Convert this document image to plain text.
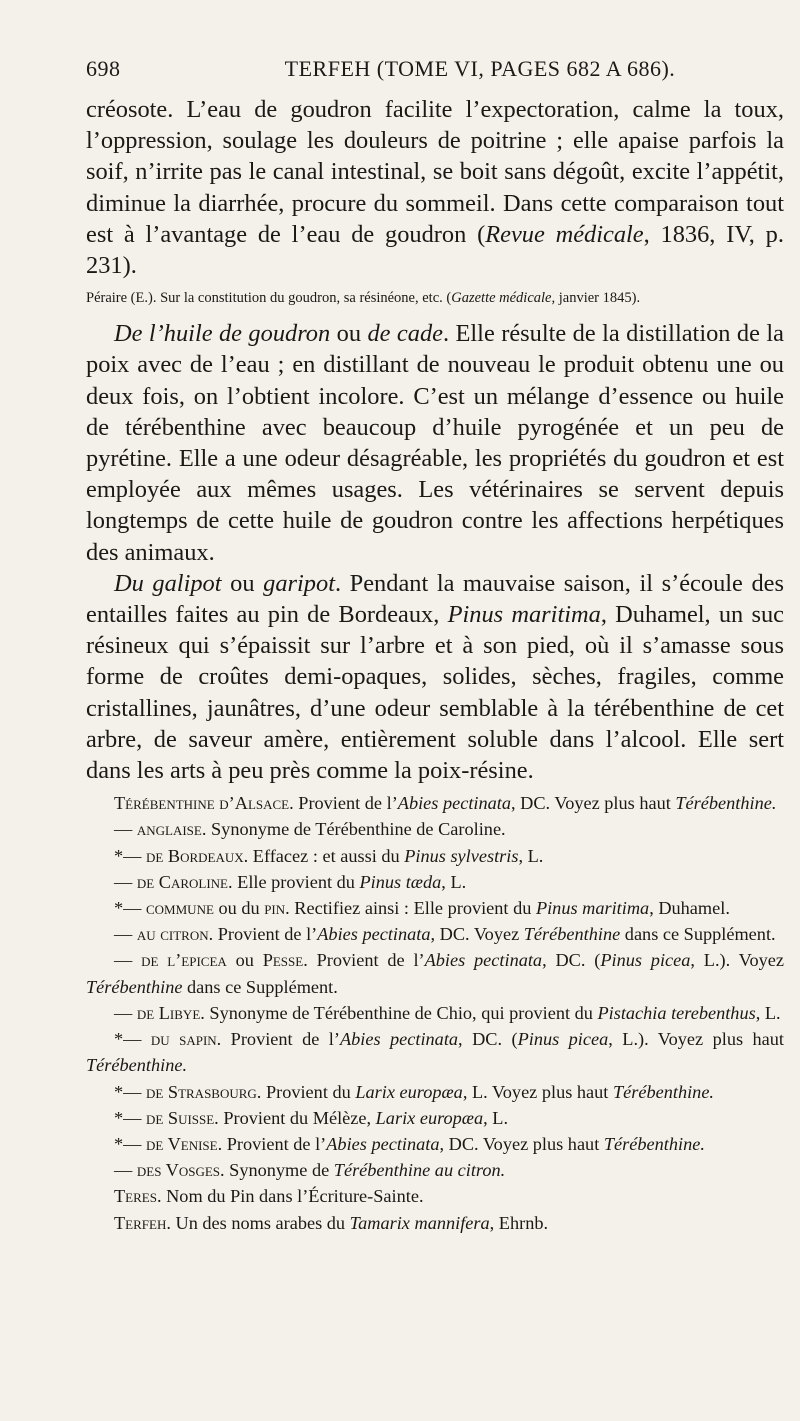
698	TERFEH (TOME VI, PAGES 682 A 686).

créosote. L’eau de goudron facilite l’expectoration, calme la toux, l’oppression, soulage les douleurs de poitrine ; elle apaise parfois la soif, n’irrite pas le canal intestinal, se boit sans dégoût, excite l’appétit, diminue la diarrhée, procure du sommeil. Dans cette comparaison tout est à l’avantage de l’eau de goudron (Revue médicale, 1836, IV, p. 231).

Péraire (E.). Sur la constitution du goudron, sa résinéone, etc. (Gazette médicale, janvier 1845).

De l’huile de goudron ou de cade. Elle résulte de la distillation de la poix avec de l’eau ; en distillant de nouveau le produit obtenu une ou deux fois, on l’obtient incolore. C’est un mélange d’essence ou huile de térébenthine avec beaucoup d’huile pyrogénée et un peu de pyrétine. Elle a une odeur désagréable, les propriétés du goudron et est employée aux mêmes usages. Les vétérinaires se servent depuis longtemps de cette huile de goudron contre les affections herpétiques des animaux.

Du galipot ou garipot. Pendant la mauvaise saison, il s’écoule des entailles faites au pin de Bordeaux, Pinus maritima, Duhamel, un suc résineux qui s’épaissit sur l’arbre et à son pied, où il s’amasse sous forme de croûtes demi-opaques, solides, sèches, fragiles, comme cristallines, jaunâtres, d’une odeur semblable à la térébenthine de cet arbre, de saveur amère, entièrement soluble dans l’alcool. Elle sert dans les arts à peu près comme la poix-résine.

Térébenthine d’Alsace. Provient de l’Abies pectinata, DC. Voyez plus haut Térébenthine.

— anglaise. Synonyme de Térébenthine de Caroline.

*— de Bordeaux. Effacez : et aussi du Pinus sylvestris, L.

— de Caroline. Elle provient du Pinus tæda, L.

*— commune ou du pin. Rectifiez ainsi : Elle provient du Pinus maritima, Duhamel.

— au citron. Provient de l’Abies pectinata, DC. Voyez Térébenthine dans ce Supplément.

— de l’epicea ou Pesse. Provient de l’Abies pectinata, DC. (Pinus picea, L.). Voyez Térébenthine dans ce Supplément.

— de Libye. Synonyme de Térébenthine de Chio, qui provient du Pistachia terebenthus, L.

*— du sapin. Provient de l’Abies pectinata, DC. (Pinus picea, L.). Voyez plus haut Térébenthine.

*— de Strasbourg. Provient du Larix europæa, L. Voyez plus haut Térébenthine.

*— de Suisse. Provient du Mélèze, Larix europæa, L.

*— de Venise. Provient de l’Abies pectinata, DC. Voyez plus haut Térébenthine.

— des Vosges. Synonyme de Térébenthine au citron.

Teres. Nom du Pin dans l’Écriture-Sainte.

Terfeh. Un des noms arabes du Tamarix mannifera, Ehrnb.
